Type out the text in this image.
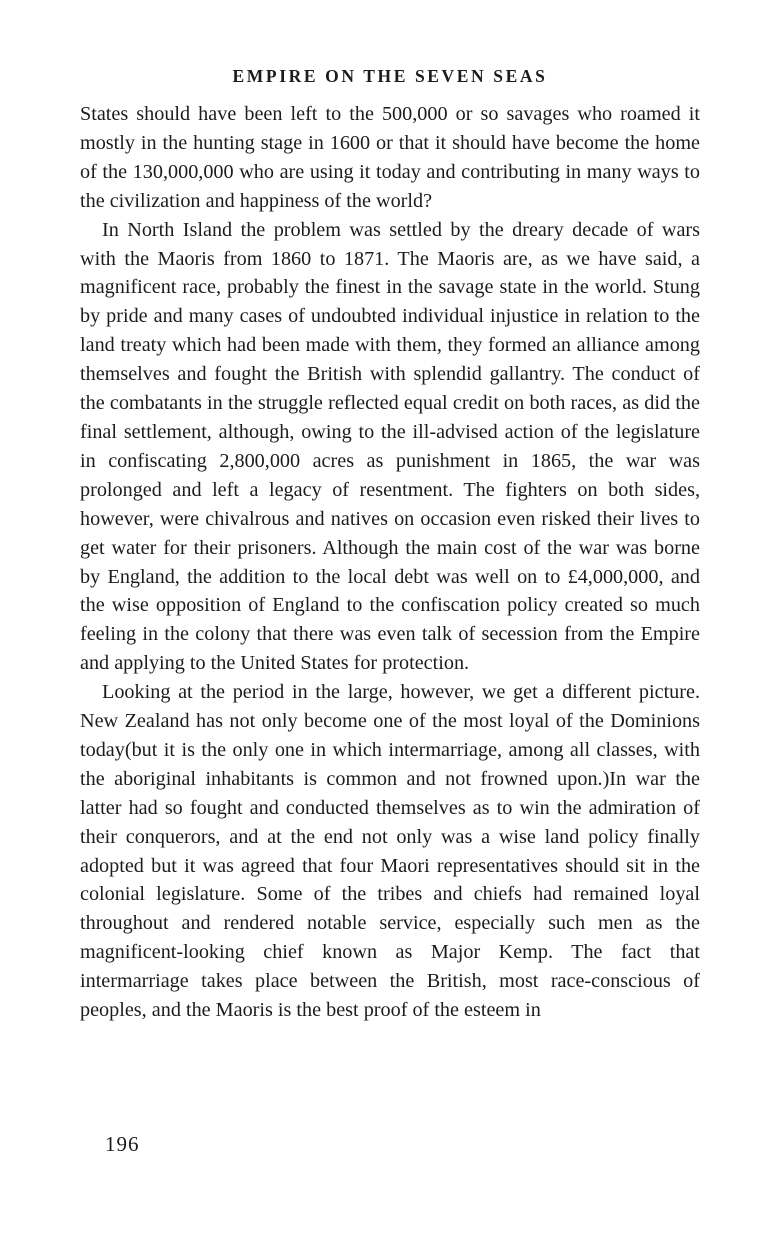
EMPIRE ON THE SEVEN SEAS

States should have been left to the 500,000 or so savages who roamed it mostly in the hunting stage in 1600 or that it should have become the home of the 130,000,000 who are using it today and contributing in many ways to the civilization and happiness of the world?

In North Island the problem was settled by the dreary decade of wars with the Maoris from 1860 to 1871. The Maoris are, as we have said, a magnificent race, probably the finest in the savage state in the world. Stung by pride and many cases of undoubted individual injustice in relation to the land treaty which had been made with them, they formed an alliance among themselves and fought the British with splendid gallantry. The conduct of the combatants in the struggle reflected equal credit on both races, as did the final settlement, although, owing to the ill-advised action of the legislature in confiscating 2,800,000 acres as punishment in 1865, the war was prolonged and left a legacy of resentment. The fighters on both sides, however, were chivalrous and natives on occasion even risked their lives to get water for their prisoners. Although the main cost of the war was borne by England, the addition to the local debt was well on to £4,000,000, and the wise opposition of England to the confiscation policy created so much feeling in the colony that there was even talk of secession from the Empire and applying to the United States for protection.

Looking at the period in the large, however, we get a different picture. New Zealand has not only become one of the most loyal of the Dominions today(but it is the only one in which intermarriage, among all classes, with the aboriginal inhabitants is common and not frowned upon.)In war the latter had so fought and conducted themselves as to win the admiration of their conquerors, and at the end not only was a wise land policy finally adopted but it was agreed that four Maori representatives should sit in the colonial legislature. Some of the tribes and chiefs had remained loyal throughout and rendered notable service, especially such men as the magnificent-looking chief known as Major Kemp. The fact that intermarriage takes place between the British, most race-conscious of peoples, and the Maoris is the best proof of the esteem in

196
